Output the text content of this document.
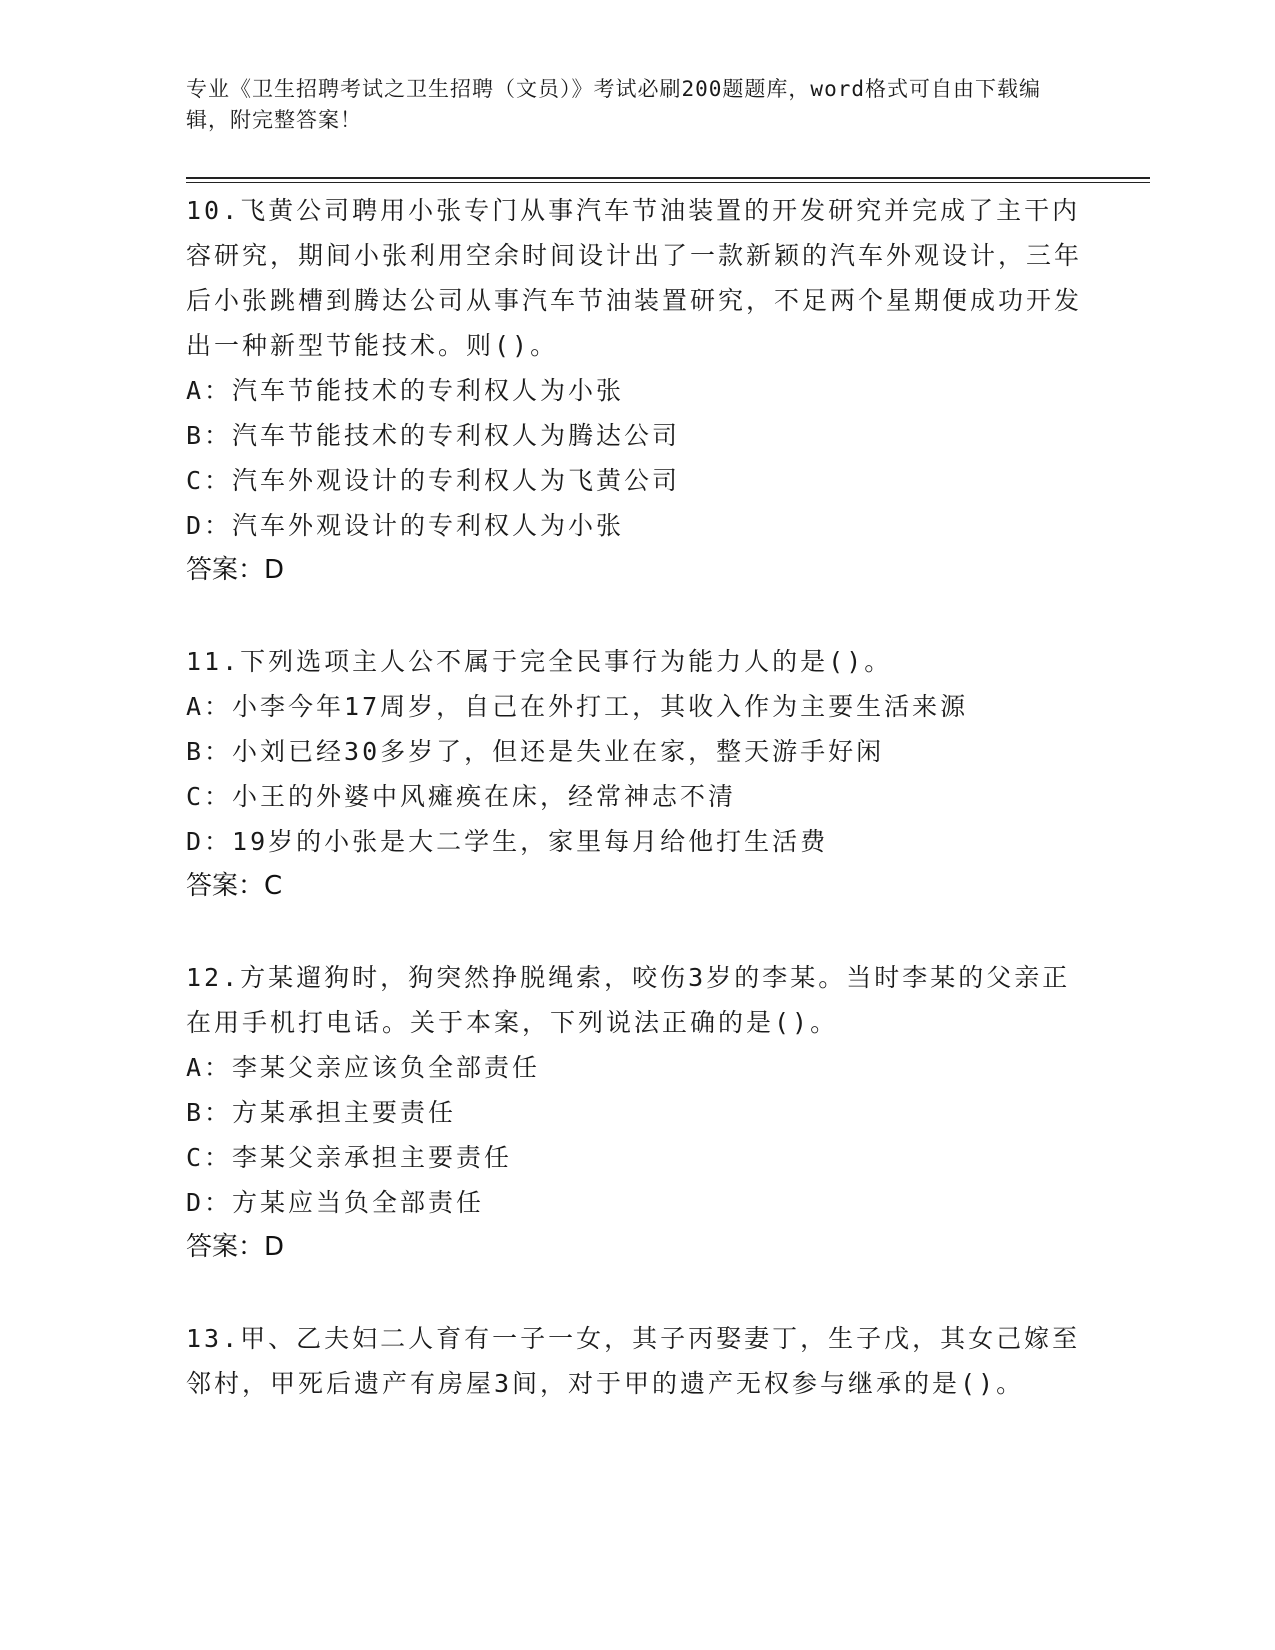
专业《卫生招聘考试之卫生招聘（文员）》考试必刷200题题库，word格式可自由下载编辑，附完整答案！
10.飞黄公司聘用小张专门从事汽车节油装置的开发研究并完成了主干内容研究，期间小张利用空余时间设计出了一款新颖的汽车外观设计，三年后小张跳槽到腾达公司从事汽车节油装置研究，不足两个星期便成功开发出一种新型节能技术。则()。
A：汽车节能技术的专利权人为小张
B：汽车节能技术的专利权人为腾达公司
C：汽车外观设计的专利权人为飞黄公司
D：汽车外观设计的专利权人为小张
答案：D
11.下列选项主人公不属于完全民事行为能力人的是()。
A：小李今年17周岁，自己在外打工，其收入作为主要生活来源
B：小刘已经30多岁了，但还是失业在家，整天游手好闲
C：小王的外婆中风瘫痪在床，经常神志不清
D：19岁的小张是大二学生，家里每月给他打生活费
答案：C
12.方某遛狗时，狗突然挣脱绳索，咬伤3岁的李某。当时李某的父亲正在用手机打电话。关于本案，下列说法正确的是()。
A：李某父亲应该负全部责任
B：方某承担主要责任
C：李某父亲承担主要责任
D：方某应当负全部责任
答案：D
13.甲、乙夫妇二人育有一子一女，其子丙娶妻丁，生子戊，其女己嫁至邻村，甲死后遗产有房屋3间，对于甲的遗产无权参与继承的是()。
